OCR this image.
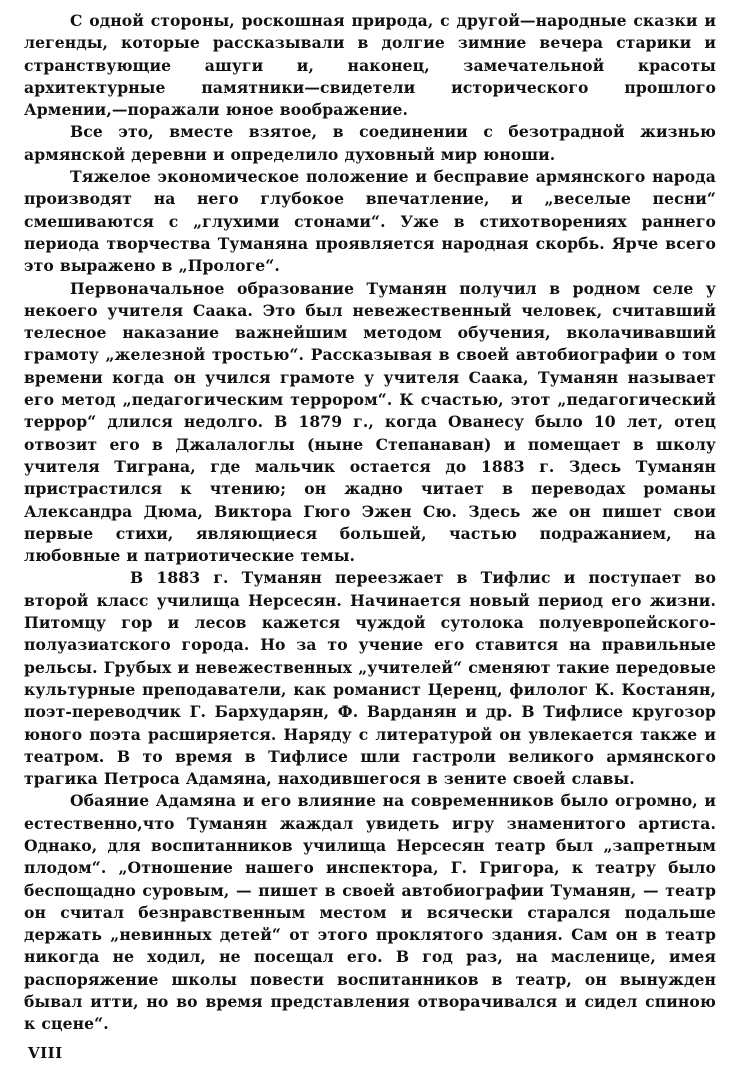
С одной стороны, роскошная природа, с другой—народные сказки и легенды, которые рассказывали в долгие зимние вечера старики и странствующие ашуги и, наконец, замечательной красоты архитектурные памятники—свидетели исторического прошлого Армении,—поражали юное воображение.

Все это, вместе взятое, в соединении с безотрадной жизнью армянской деревни и определило духовный мир юноши.

Тяжелое экономическое положение и бесправие армянского народа производят на него глубокое впечатление, и „веселые песни“ смешиваются с „глухими стонами“. Уже в стихотворениях раннего периода творчества Туманяна проявляется народная скорбь. Ярче всего это выражено в „Прологе“.

Первоначальное образование Туманян получил в родном селе у некоего учителя Саака. Это был невежественный человек, считавший телесное наказание важнейшим методом обучения, вколачивавший грамоту „железной тростью“. Рассказывая в своей автобиографии о том времени когда он учился грамоте у учителя Саака, Туманян называет его метод „педагогическим террором“. К счастью, этот „педагогический террор“ длился недолго. В 1879 г., когда Ованесу было 10 лет, отец отвозит его в Джалалоглы (ныне Степанаван) и помещает в школу учителя Тиграна, где мальчик остается до 1883 г. Здесь Туманян пристрастился к чтению; он жадно читает в переводах романы Александра Дюма, Виктора Гюго Эжен Сю. Здесь же он пишет свои первые стихи, являющиеся большей, частью подражанием, на любовные и патриотические темы.

В 1883 г. Туманян переезжает в Тифлис и поступает во второй класс училища Нерсесян. Начинается новый период его жизни. Питомцу гор и лесов кажется чуждой сутолока полуевропейского-полуазиатского города. Но за то учение его ставится на правильные рельсы. Грубых и невежественных „учителей“ сменяют такие передовые культурные преподаватели, как романист Церенц, филолог К. Костанян, поэт-переводчик Г. Бархударян, Ф. Варданян и др. В Тифлисе кругозор юного поэта расширяется. Наряду с литературой он увлекается также и театром. В то время в Тифлисе шли гастроли великого армянского трагика Петроса Адамяна, находившегося в зените своей славы.

Обаяние Адамяна и его влияние на современников было огромно, и естественно,что Туманян жаждал увидеть игру знаменитого артиста. Однако, для воспитанников училища Нерсесян театр был „запретным плодом“. „Отношение нашего инспектора, Г. Григора, к театру было беспощадно суровым, — пишет в своей автобиографии Туманян, — театр он считал безнравственным местом и всячески старался подальше держать „невинных детей“ от этого проклятого здания. Сам он в театр никогда не ходил, не посещал его. В год раз, на масленице, имея распоряжение школы повести воспитанников в театр, он вынужден бывал итти, но во время представления отворачивался и сидел спиною к сцене“.

VIII
